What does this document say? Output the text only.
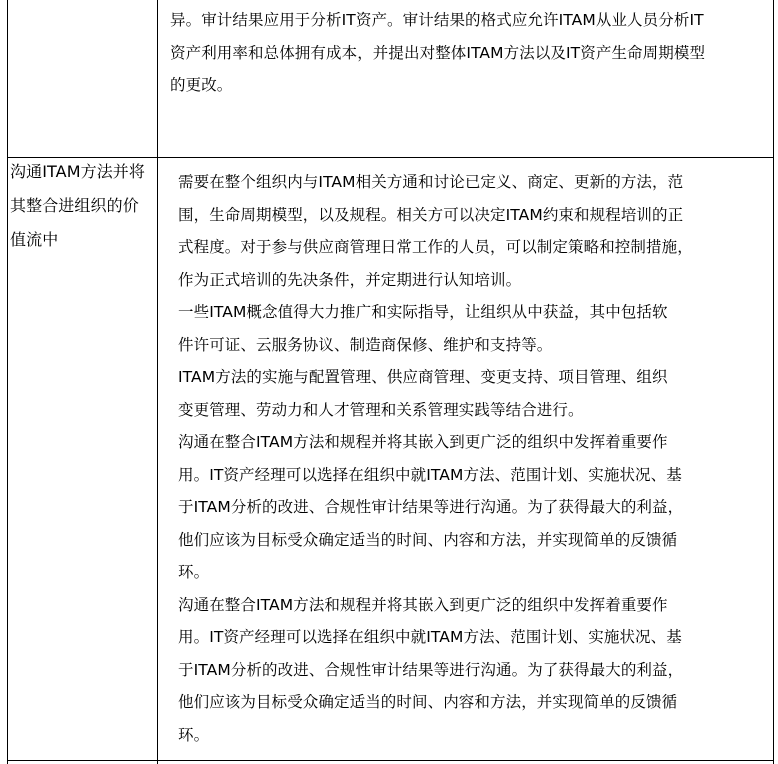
异。审计结果应用于分析IT资产。审计结果的格式应允许ITAM从业人员分析IT
资产利用率和总体拥有成本，并提出对整体ITAM方法以及IT资产生命周期模型
的更改。
沟通ITAM方法并将
其整合进组织的价
值流中
需要在整个组织内与ITAM相关方通和讨论已定义、商定、更新的方法，范
围，生命周期模型，以及规程。相关方可以决定ITAM约束和规程培训的正
式程度。对于参与供应商管理日常工作的人员，可以制定策略和控制措施，
作为正式培训的先决条件，并定期进行认知培训。
一些ITAM概念值得大力推广和实际指导，让组织从中获益，其中包括软
件许可证、云服务协议、制造商保修、维护和支持等。
ITAM方法的实施与配置管理、供应商管理、变更支持、项目管理、组织
变更管理、劳动力和人才管理和关系管理实践等结合进行。
沟通在整合ITAM方法和规程并将其嵌入到更广泛的组织中发挥着重要作
用。IT资产经理可以选择在组织中就ITAM方法、范围计划、实施状况、基
于ITAM分析的改进、合规性审计结果等进行沟通。为了获得最大的利益，
他们应该为目标受众确定适当的时间、内容和方法，并实现简单的反馈循
环。
沟通在整合ITAM方法和规程并将其嵌入到更广泛的组织中发挥着重要作
用。IT资产经理可以选择在组织中就ITAM方法、范围计划、实施状况、基
于ITAM分析的改进、合规性审计结果等进行沟通。为了获得最大的利益，
他们应该为目标受众确定适当的时间、内容和方法，并实现简单的反馈循
环。
